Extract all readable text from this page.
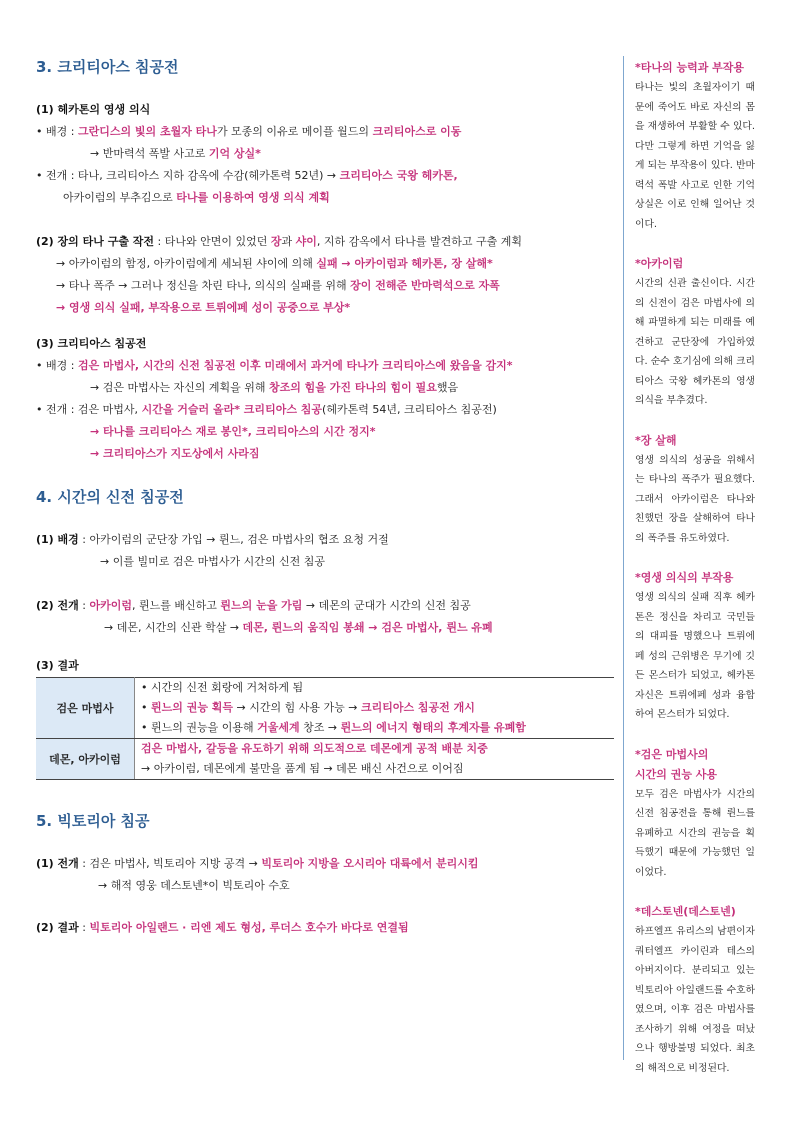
3. 크리티아스 침공전
(1) 헤카톤의 영생 의식
• 배경 : 그란디스의 빛의 초월자 타나가 모종의 이유로 메이플 월드의 크리티아스로 이동
→ 반마력석 폭발 사고로 기억 상실*
• 전개 : 타나, 크리티아스 지하 감옥에 수감(헤카톤력 52년) → 크리티아스 국왕 헤카톤,
아카이럼의 부추김으로 타나를 이용하여 영생 의식 계획
(2) 장의 타나 구출 작전 : 타나와 안면이 있었던 장과 샤이, 지하 감옥에서 타나를 발견하고 구출 계획
→ 아카이럼의 함정, 아카이럼에게 세뇌된 샤이에 의해 실패 → 아카이럼과 헤카톤, 장 살해*
→ 타나 폭주 → 그러나 정신을 차린 타나, 의식의 실패를 위해 장이 전해준 반마력석으로 자폭
→ 영생 의식 실패, 부작용으로 트뤼에페 성이 공중으로 부상*
(3) 크리티아스 침공전
• 배경 : 검은 마법사, 시간의 신전 침공전 이후 미래에서 과거에 타나가 크리티아스에 왔음을 감지*
→ 검은 마법사는 자신의 계획을 위해 창조의 힘을 가진 타나의 힘이 필요했음
• 전개 : 검은 마법사, 시간을 거슬러 올라* 크리티아스 침공(헤카톤력 54년, 크리티아스 침공전)
→ 타나를 크리티아스 재로 봉인*, 크리티아스의 시간 정지*
→ 크리티아스가 지도상에서 사라짐
4. 시간의 신전 침공전
(1) 배경 : 아카이럼의 군단장 가입 → 륀느, 검은 마법사의 협조 요청 거절
→ 이를 빌미로 검은 마법사가 시간의 신전 침공
(2) 전개 : 아카이럼, 륀느를 배신하고 륀느의 눈을 가림 → 데몬의 군대가 시간의 신전 침공
→ 데몬, 시간의 신관 학살 → 데몬, 륀느의 움직임 봉쇄 → 검은 마법사, 륀느 유폐
(3) 결과
검은 마법사	• 시간의 신전 회랑에 거처하게 됨
• 륀느의 권능 획득 → 시간의 힘 사용 가능 → 크리티아스 침공전 개시
• 륀느의 권능을 이용해 거울세계 창조 → 륀느의 에너지 형태의 후계자를 유폐함

데몬, 아카이럼	검은 마법사, 갈등을 유도하기 위해 의도적으로 데몬에게 공적 배분 치중
→ 아카이럼, 데몬에게 불만을 품게 됨 → 데몬 배신 사건으로 이어짐
5. 빅토리아 침공
(1) 전개 : 검은 마법사, 빅토리아 지방 공격 → 빅토리아 지방을 오시리아 대륙에서 분리시킴
→ 해적 영웅 데스토넨*이 빅토리아 수호
(2) 결과 : 빅토리아 아일랜드 · 리엔 제도 형성, 루더스 호수가 바다로 연결됨
*타나의 능력과 부작용
타나는 빛의 초월자이기 때문에 죽어도 바로 자신의 몸을 재생하여 부활할 수 있다. 다만 그렇게 하면 기억을 잃게 되는 부작용이 있다. 반마력석 폭발 사고로 인한 기억상실은 이로 인해 일어난 것이다.
*아카이럼
시간의 신관 출신이다. 시간의 신전이 검은 마법사에 의해 파멸하게 되는 미래를 예견하고 군단장에 가입하였다. 순수 호기심에 의해 크리티아스 국왕 헤카톤의 영생의식을 부추겼다.
*장 살해
영생 의식의 성공을 위해서는 타나의 폭주가 필요했다. 그래서 아카이럼은 타나와 친했던 장을 살해하여 타나의 폭주를 유도하였다.
*영생 의식의 부작용
영생 의식의 실패 직후 헤카톤은 정신을 차리고 국민들의 대피를 명했으나 트뤼에페 성의 근위병은 무기에 깃든 몬스터가 되었고, 헤카톤 자신은 트뤼에페 성과 융합하여 몬스터가 되었다.
*검은 마법사의
시간의 권능 사용
모두 검은 마법사가 시간의 신전 침공전을 통해 륀느를 유폐하고 시간의 권능을 획득했기 때문에 가능했던 일이었다.
*데스토넨(데스토넨)
하프엘프 유리스의 남편이자 쿼터엘프 카이린과 테스의 아버지이다. 분리되고 있는 빅토리아 아일랜드를 수호하였으며, 이후 검은 마법사를 조사하기 위해 여정을 떠났으나 행방불명 되었다. 최초의 해적으로 비정된다.
